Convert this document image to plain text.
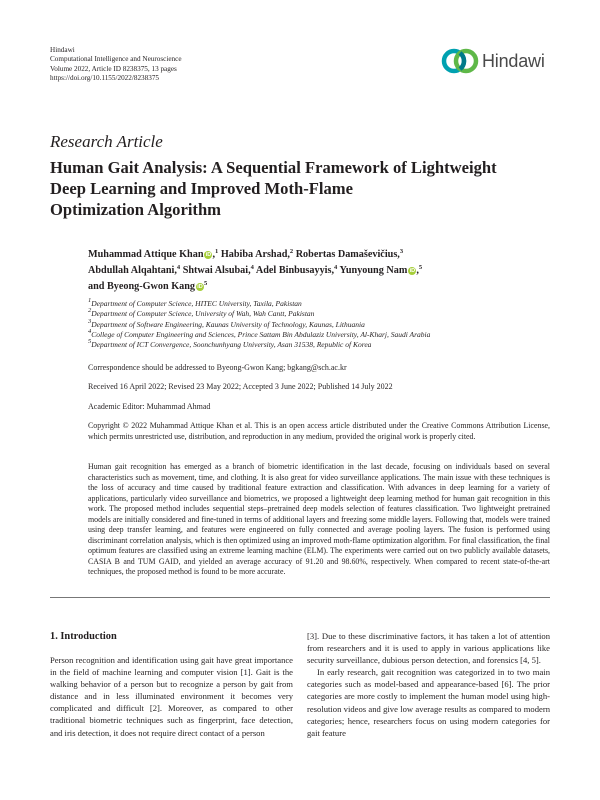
Hindawi
Computational Intelligence and Neuroscience
Volume 2022, Article ID 8238375, 13 pages
https://doi.org/10.1155/2022/8238375
Hindawi
Research Article
Human Gait Analysis: A Sequential Framework of Lightweight
Deep Learning and Improved Moth-Flame
Optimization Algorithm
Muhammad Attique Khan iD,$^1$ Habiba Arshad,$^2$ Robertas Damaševičius,$^3$
Abdullah Alqahtani,$^4$ Shtwai Alsubai,$^4$ Adel Binbusayyis,$^4$ Yunyoung Nam iD,$^5$
and Byeong-Gwon Kang $iD^5$
$^1$Department of Computer Science, HITEC University, Taxila, Pakistan
$^2$Department of Computer Science, University of Wah, Wah Cantt, Pakistan
$^3$Department of Software Engineering, Kaunas University of Technology, Kaunas, Lithuania
$^4$College of Computer Engineering and Sciences, Prince Sattam Bin Abdulaziz University, Al-Kharj, Saudi Arabia
$^5$Department of ICT Convergence, Soonchunhyang University, Asan 31538, Republic of Korea
Correspondence should be addressed to Byeong-Gwon Kang; bgkang@sch.ac.kr
Received 16 April 2022; Revised 23 May 2022; Accepted 3 June 2022; Published 14 July 2022
Academic Editor: Muhammad Ahmad
Copyright © 2022 Muhammad Attique Khan et al. This is an open access article distributed under the Creative Commons Attribution License, which permits unrestricted use, distribution, and reproduction in any medium, provided the original work is properly cited.
Human gait recognition has emerged as a branch of biometric identification in the last decade, focusing on individuals based on several characteristics such as movement, time, and clothing. It is also great for video surveillance applications. The main issue with these techniques is the loss of accuracy and time caused by traditional feature extraction and classification. With advances in deep learning for a variety of applications, particularly video surveillance and biometrics, we proposed a lightweight deep learning method for human gait recognition in this work. The proposed method includes sequential steps–pretrained deep models selection of features classification. Two lightweight pretrained models are initially considered and fine-tuned in terms of additional layers and freezing some middle layers. Following that, models were trained using deep transfer learning, and features were engineered on fully connected and average pooling layers. The fusion is performed using discriminant correlation analysis, which is then optimized using an improved moth-flame optimization algorithm. For final classification, the final optimum features are classified using an extreme learning machine (ELM). The experiments were carried out on two publicly available datasets, CASIA B and TUM GAID, and yielded an average accuracy of 91.20 and 98.60%, respectively. When compared to recent state-of-the-art techniques, the proposed method is found to be more accurate.
1. Introduction

Person recognition and identification using gait have great importance in the field of machine learning and computer vision [1]. Gait is the walking behavior of a person but to recognize a person by gait from distance and in less illuminated environment it becomes very complicated and difficult [2]. Moreover, as compared to other traditional biometric techniques such as fingerprint, face detection, and iris detection, it does not require direct contact of a person

[3]. Due to these discriminative factors, it has taken a lot of attention from researchers and it is used to apply in various applications like security surveillance, dubious person detection, and forensics [4, 5].

In early research, gait recognition was categorized in to two main categories such as model-based and appearance-based [6]. The prior categories are more costly to implement the human model using high-resolution videos and give low average results as compared to modern categories; hence, researchers focus on using modern categories for gait feature
